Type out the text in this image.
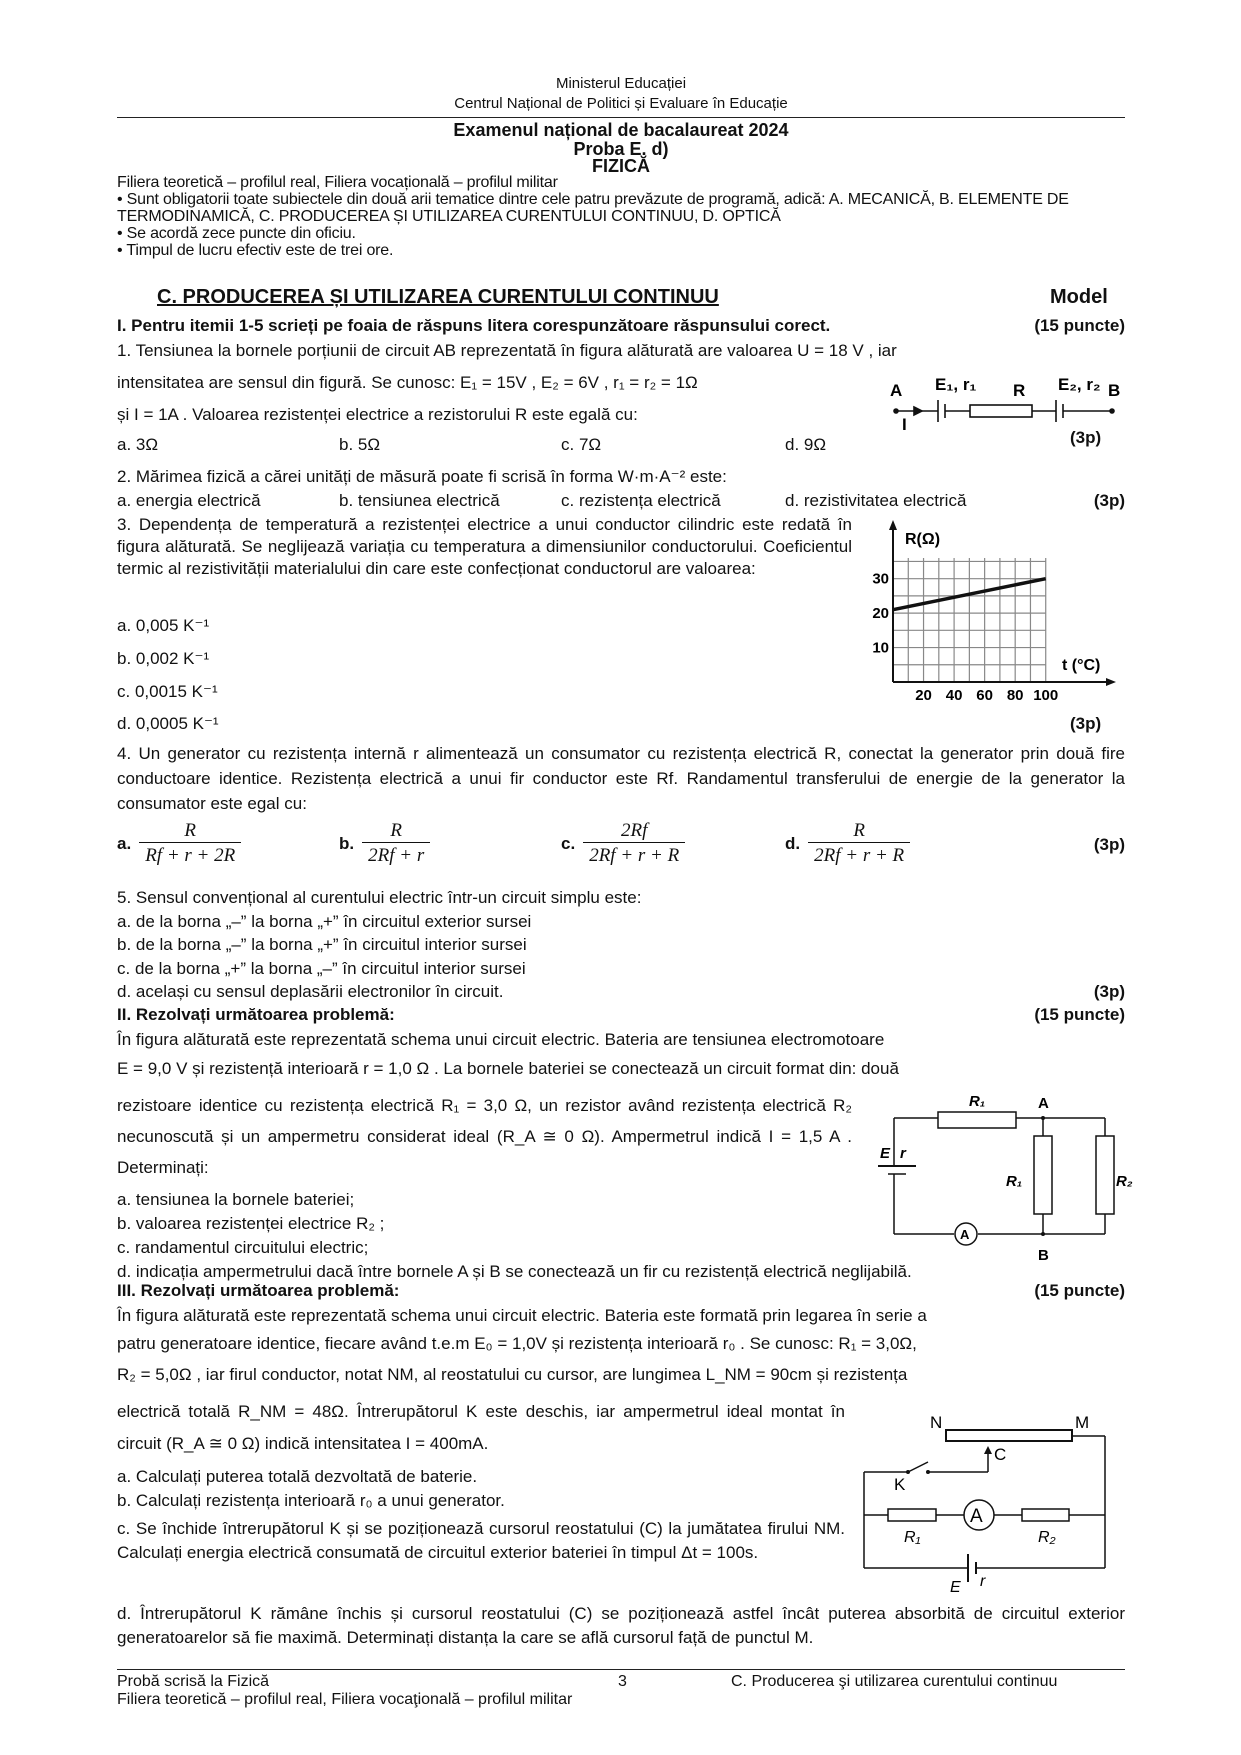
Ministerul Educației
Centrul Național de Politici și Evaluare în Educație
Examenul național de bacalaureat 2024
Proba E. d)
FIZICĂ
Filiera teoretică – profilul real, Filiera vocațională – profilul militar
• Sunt obligatorii toate subiectele din două arii tematice dintre cele patru prevăzute de programă, adică: A. MECANICĂ, B. ELEMENTE DE TERMODINAMICĂ, C. PRODUCEREA ȘI UTILIZAREA CURENTULUI CONTINUU, D. OPTICĂ
• Se acordă zece puncte din oficiu.
• Timpul de lucru efectiv este de trei ore.
C. PRODUCEREA ȘI UTILIZAREA CURENTULUI CONTINUU	Model
I. Pentru itemii 1-5 scrieți pe foaia de răspuns litera corespunzătoare răspunsului corect.	(15 puncte)
1. Tensiunea la bornele porțiunii de circuit AB reprezentată în figura alăturată are valoarea U = 18 V , iar
intensitatea are sensul din figură. Se cunosc: E₁ = 15V , E₂ = 6V , r₁ = r₂ = 1Ω
și I = 1A . Valoarea rezistenței electrice a rezistorului R este egală cu:
a. 3Ω	b. 5Ω	c. 7Ω	d. 9Ω	(3p)
A E₁, r₁ R E₂, r₂ B
I
2. Mărimea fizică a cărei unități de măsură poate fi scrisă în forma W·m·A⁻² este:
a. energia electrică	b. tensiunea electrică	c. rezistența electrică	d. rezistivitatea electrică	(3p)
3. Dependența de temperatură a rezistenței electrice a unui conductor cilindric este redată în figura alăturată. Se neglijează variația cu temperatura a dimensiunilor conductorului. Coeficientul termic al rezistivității materialului din care este confecționat conductorul are valoarea:
a. 0,005 K⁻¹
b. 0,002 K⁻¹
c. 0,0015 K⁻¹
d. 0,0005 K⁻¹	(3p)
20 40 60 80 100
10
20
30
R(Ω)
t (°C)
4. Un generator cu rezistența internă r alimentează un consumator cu rezistența electrică R, conectat la generator prin două fire conductoare identice. Rezistența electrică a unui fir conductor este Rf. Randamentul transferului de energie de la generator la consumator este egal cu:
a. $\frac{R}{Rf + r + 2R}$	b. $\frac{R}{2Rf + r}$	c. $\frac{2Rf}{2Rf + r + R}$	d. $\frac{R}{2Rf + r + R}$	(3p)
5. Sensul convențional al curentului electric într-un circuit simplu este:
a. de la borna „–” la borna „+” în circuitul exterior sursei
b. de la borna „–” la borna „+” în circuitul interior sursei
c. de la borna „+” la borna „–” în circuitul interior sursei
d. același cu sensul deplasării electronilor în circuit.	(3p)
II. Rezolvați următoarea problemă:	(15 puncte)
În figura alăturată este reprezentată schema unui circuit electric. Bateria are tensiunea electromotoare
E = 9,0 V și rezistență interioară r = 1,0 Ω . La bornele bateriei se conectează un circuit format din: două
rezistoare identice cu rezistența electrică R₁ = 3,0 Ω, un rezistor având rezistența electrică R₂ necunoscută și un ampermetru considerat ideal (R_A ≅ 0 Ω). Ampermetrul indică I = 1,5 A . Determinați:
a. tensiunea la bornele bateriei;
b. valoarea rezistenței electrice R₂ ;
c. randamentul circuitului electric;
d. indicația ampermetrului dacă între bornele A și B se conectează un fir cu rezistență electrică neglijabilă.
R₁	A
B
E r
R₁	R₂
A
III. Rezolvați următoarea problemă:	(15 puncte)
În figura alăturată este reprezentată schema unui circuit electric. Bateria este formată prin legarea în serie a
patru generatoare identice, fiecare având t.e.m E₀ = 1,0V și rezistența interioară r₀ . Se cunosc: R₁ = 3,0Ω,
R₂ = 5,0Ω , iar firul conductor, notat NM, al reostatului cu cursor, are lungimea L_NM = 90cm și rezistența
electrică totală R_NM = 48Ω. Întrerupătorul K este deschis, iar ampermetrul ideal montat în circuit (R_A ≅ 0 Ω) indică intensitatea I = 400mA.
a. Calculați puterea totală dezvoltată de baterie.
b. Calculați rezistența interioară r₀ a unui generator.
c. Se închide întrerupătorul K și se poziționează cursorul reostatului (C) la jumătatea firului NM. Calculați energia electrică consumată de circuitul exterior bateriei în timpul Δt = 100s.
d. Întrerupătorul K rămâne închis și cursorul reostatului (C) se poziționează astfel încât puterea absorbită de circuitul exterior generatoarelor să fie maximă. Determinați distanța la care se află cursorul față de punctul M.
N	M
C
K
A
R₁	R₂
E r
Probă scrisă la Fizică	3	C. Producerea şi utilizarea curentului continuu
Filiera teoretică – profilul real, Filiera vocaţională – profilul militar
